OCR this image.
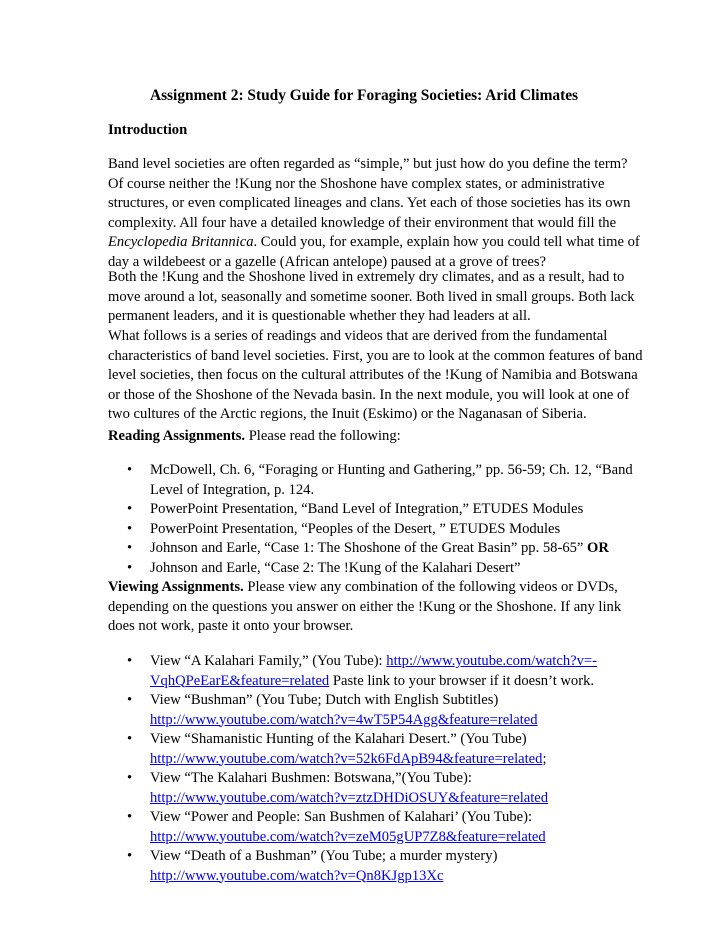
Assignment 2: Study Guide for Foraging Societies: Arid Climates
Introduction

Band level societies are often regarded as “simple,” but just how do you define the term?

Of course neither the !Kung nor the Shoshone have complex states, or administrative

structures, or even complicated lineages and clans. Yet each of those societies has its own

complexity. All four have a detailed knowledge of their environment that would fill the

Encyclopedia Britannica. Could you, for example, explain how you could tell what time of

day a wildebeest or a gazelle (African antelope) paused at a grove of trees?

Both the !Kung and the Shoshone lived in extremely dry climates, and as a result, had to

move around a lot, seasonally and sometime sooner. Both lived in small groups. Both lack

permanent leaders, and it is questionable whether they had leaders at all.

What follows is a series of readings and videos that are derived from the fundamental

characteristics of band level societies. First, you are to look at the common features of band

level societies, then focus on the cultural attributes of the !Kung of Namibia and Botswana

or those of the Shoshone of the Nevada basin. In the next module, you will look at one of

two cultures of the Arctic regions, the Inuit (Eskimo) or the Naganasan of Siberia.

Reading Assignments. Please read the following:

• McDowell, Ch. 6, “Foraging or Hunting and Gathering,” pp. 56-59; Ch. 12, “Band
Level of Integration, p. 124.
• PowerPoint Presentation, “Band Level of Integration,” ETUDES Modules
• PowerPoint Presentation, “Peoples of the Desert, ” ETUDES Modules
• Johnson and Earle, “Case 1: The Shoshone of the Great Basin” pp. 58-65” OR
• Johnson and Earle, “Case 2: The !Kung of the Kalahari Desert”

Viewing Assignments. Please view any combination of the following videos or DVDs,

depending on the questions you answer on either the !Kung or the Shoshone. If any link

does not work, paste it onto your browser.

• View “A Kalahari Family,” (You Tube): http://www.youtube.com/watch?v=-
VqhQPeEarE&feature=related Paste link to your browser if it doesn’t work.
• View “Bushman” (You Tube; Dutch with English Subtitles)
http://www.youtube.com/watch?v=4wT5P54Agg&feature=related
• View “Shamanistic Hunting of the Kalahari Desert.” (You Tube)
http://www.youtube.com/watch?v=52k6FdApB94&feature=related;
• View “The Kalahari Bushmen: Botswana,”(You Tube):
http://www.youtube.com/watch?v=ztzDHDiOSUY&feature=related
• View “Power and People: San Bushmen of Kalahari’ (You Tube):
http://www.youtube.com/watch?v=zeM05gUP7Z8&feature=related
• View “Death of a Bushman” (You Tube; a murder mystery)
http://www.youtube.com/watch?v=Qn8KJgp13Xc
